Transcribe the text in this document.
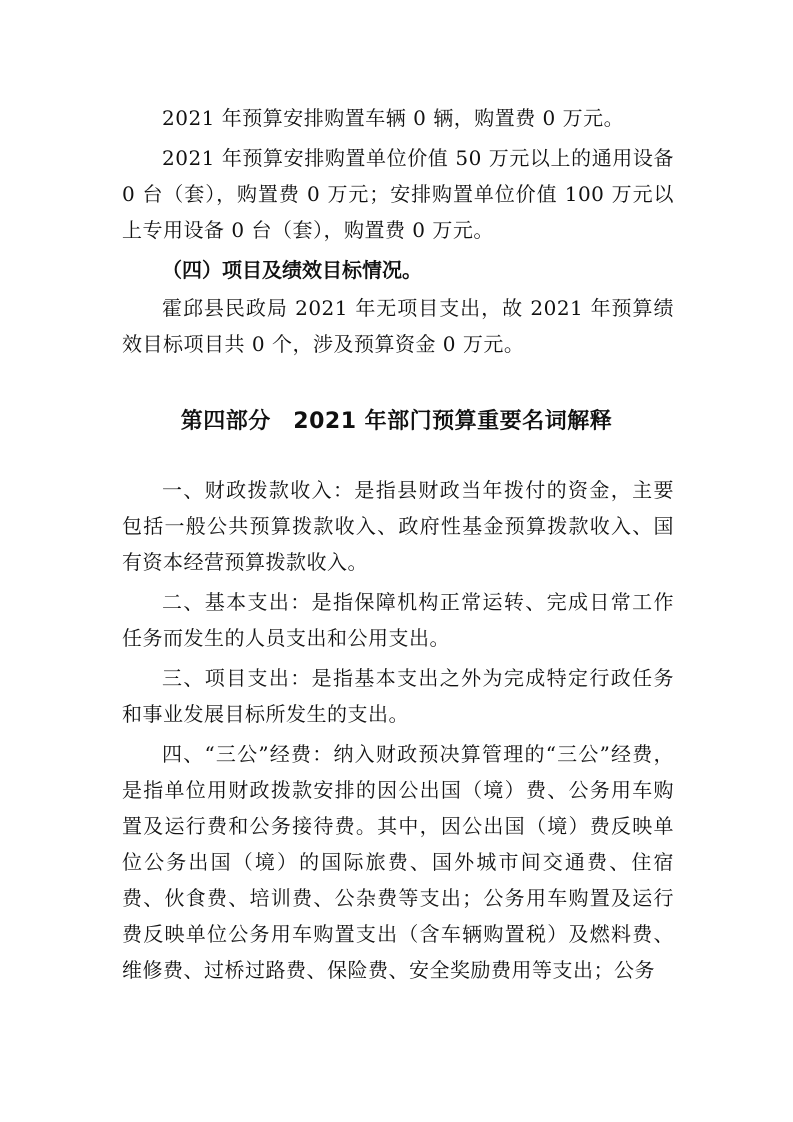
2021 年预算安排购置车辆 0 辆，购置费 0 万元。

2021 年预算安排购置单位价值 50 万元以上的通用设备 0 台（套），购置费 0 万元；安排购置单位价值 100 万元以上专用设备 0 台（套），购置费 0 万元。

（四）项目及绩效目标情况。

霍邱县民政局 2021 年无项目支出，故 2021 年预算绩效目标项目共 0 个，涉及预算资金 0 万元。

第四部分　2021 年部门预算重要名词解释

一、财政拨款收入：是指县财政当年拨付的资金，主要包括一般公共预算拨款收入、政府性基金预算拨款收入、国有资本经营预算拨款收入。

二、基本支出：是指保障机构正常运转、完成日常工作任务而发生的人员支出和公用支出。

三、项目支出：是指基本支出之外为完成特定行政任务和事业发展目标所发生的支出。

四、“三公”经费：纳入财政预决算管理的“三公”经费，是指单位用财政拨款安排的因公出国（境）费、公务用车购置及运行费和公务接待费。其中，因公出国（境）费反映单位公务出国（境）的国际旅费、国外城市间交通费、住宿费、伙食费、培训费、公杂费等支出；公务用车购置及运行费反映单位公务用车购置支出（含车辆购置税）及燃料费、维修费、过桥过路费、保险费、安全奖励费用等支出；公务
